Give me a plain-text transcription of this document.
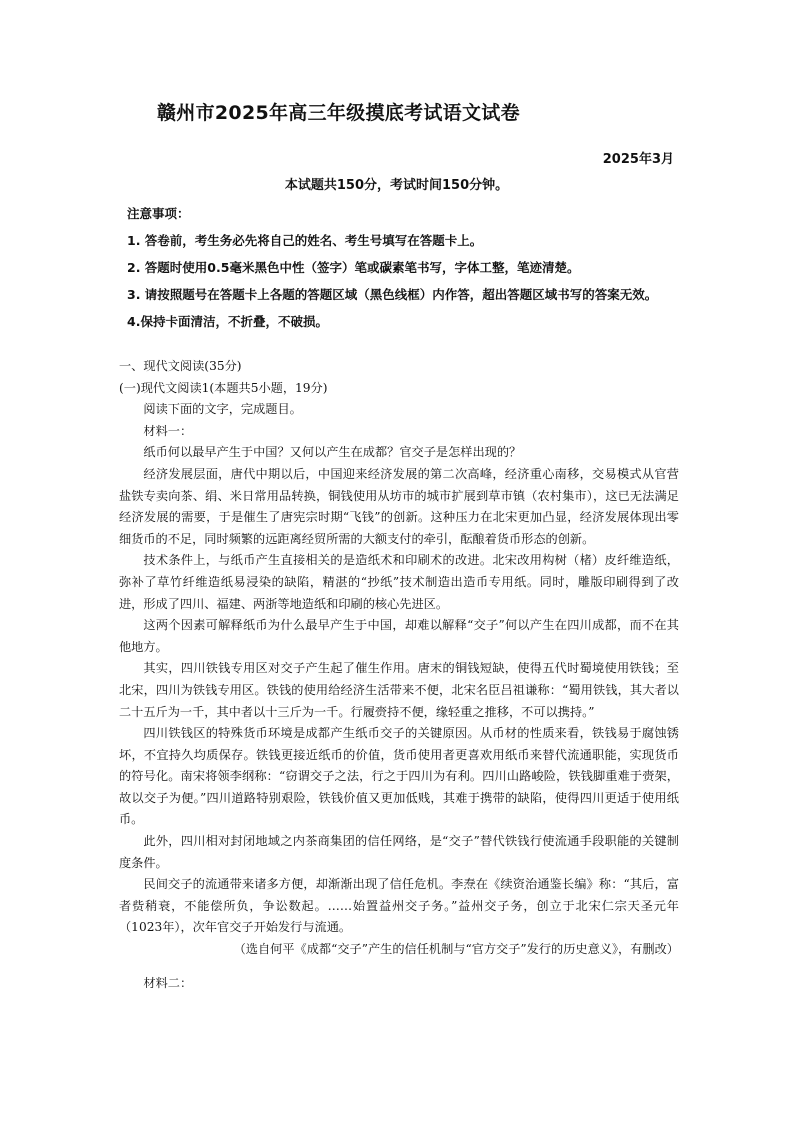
赣州市2025年高三年级摸底考试语文试卷
2025年3月
本试题共150分，考试时间150分钟。

注意事项：

1. 答卷前，考生务必先将自己的姓名、考生号填写在答题卡上。

2. 答题时使用0.5毫米黑色中性（签字）笔或碳素笔书写，字体工整，笔迹清楚。

3. 请按照题号在答题卡上各题的答题区域（黑色线框）内作答，超出答题区域书写的答案无效。

4.保持卡面清洁，不折叠，不破损。

一、现代文阅读(35分)

(一)现代文阅读1(本题共5小题，19分)

阅读下面的文字，完成题目。

材料一：

纸币何以最早产生于中国？又何以产生在成都？官交子是怎样出现的？

经济发展层面，唐代中期以后，中国迎来经济发展的第二次高峰，经济重心南移，交易模式从官营盐铁专卖向茶、绢、米日常用品转换，铜钱使用从坊市的城市扩展到草市镇（农村集市），这已无法满足经济发展的需要，于是催生了唐宪宗时期“飞钱”的创新。这种压力在北宋更加凸显，经济发展体现出零细货币的不足，同时频繁的远距离经贸所需的大额支付的牵引，酝酿着货币形态的创新。

技术条件上，与纸币产生直接相关的是造纸术和印刷术的改进。北宋改用构树（楮）皮纤维造纸，弥补了草竹纤维造纸易浸染的缺陷，精湛的“抄纸”技术制造出造币专用纸。同时，雕版印刷得到了改进，形成了四川、福建、两浙等地造纸和印刷的核心先进区。

这两个因素可解释纸币为什么最早产生于中国，却难以解释“交子”何以产生在四川成都，而不在其他地方。

其实，四川铁钱专用区对交子产生起了催生作用。唐末的铜钱短缺，使得五代时蜀境使用铁钱；至北宋，四川为铁钱专用区。铁钱的使用给经济生活带来不便，北宋名臣吕祖谦称：“蜀用铁钱，其大者以二十五斤为一千，其中者以十三斤为一千。行履赍持不便，缘轻重之推移，不可以携持。”

四川铁钱区的特殊货币环境是成都产生纸币交子的关键原因。从币材的性质来看，铁钱易于腐蚀锈坏，不宜持久均质保存。铁钱更接近纸币的价值，货币使用者更喜欢用纸币来替代流通职能，实现货币的符号化。南宋将领李纲称：“窃谓交子之法，行之于四川为有利。四川山路峻险，铁钱脚重难于赍架，故以交子为便。”四川道路特别艰险，铁钱价值又更加低贱，其难于携带的缺陷，使得四川更适于使用纸币。

此外，四川相对封闭地域之内茶商集团的信任网络，是“交子”替代铁钱行使流通手段职能的关键制度条件。

民间交子的流通带来诸多方便，却渐渐出现了信任危机。李焘在《续资治通鉴长编》称：“其后，富者赀稍衰，不能偿所负，争讼数起。……始置益州交子务。”益州交子务，创立于北宋仁宗天圣元年（1023年），次年官交子开始发行与流通。

（选自何平《成都“交子”产生的信任机制与“官方交子”发行的历史意义》，有删改）

材料二：
